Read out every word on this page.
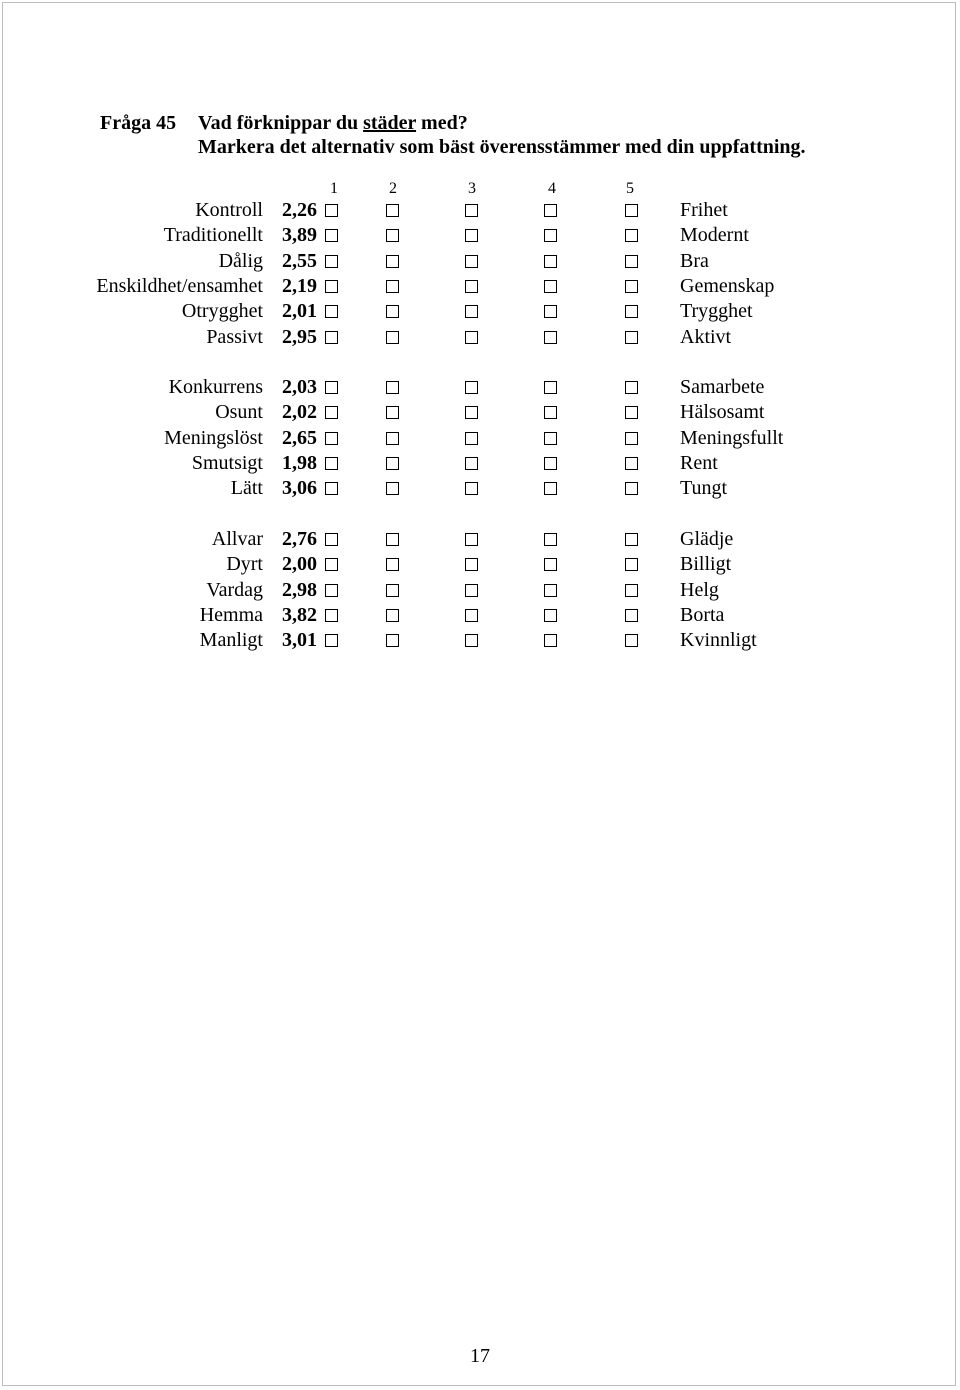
Fråga 45 Vad förknippar du städer med?
Markera det alternativ som bäst överensstämmer med din uppfattning.
1	2	3	4	5
Kontroll 2,26	Frihet
Traditionellt 3,89	Modernt
Dålig 2,55	Bra
Enskildhet/ensamhet 2,19	Gemenskap
Otrygghet 2,01	Trygghet
Passivt 2,95	Aktivt
Konkurrens 2,03	Samarbete
Osunt 2,02	Hälsosamt
Meningslöst 2,65	Meningsfullt
Smutsigt 1,98	Rent
Lätt 3,06	Tungt
Allvar 2,76	Glädje
Dyrt 2,00	Billigt
Vardag 2,98	Helg
Hemma 3,82	Borta
Manligt 3,01	Kvinnligt
17
